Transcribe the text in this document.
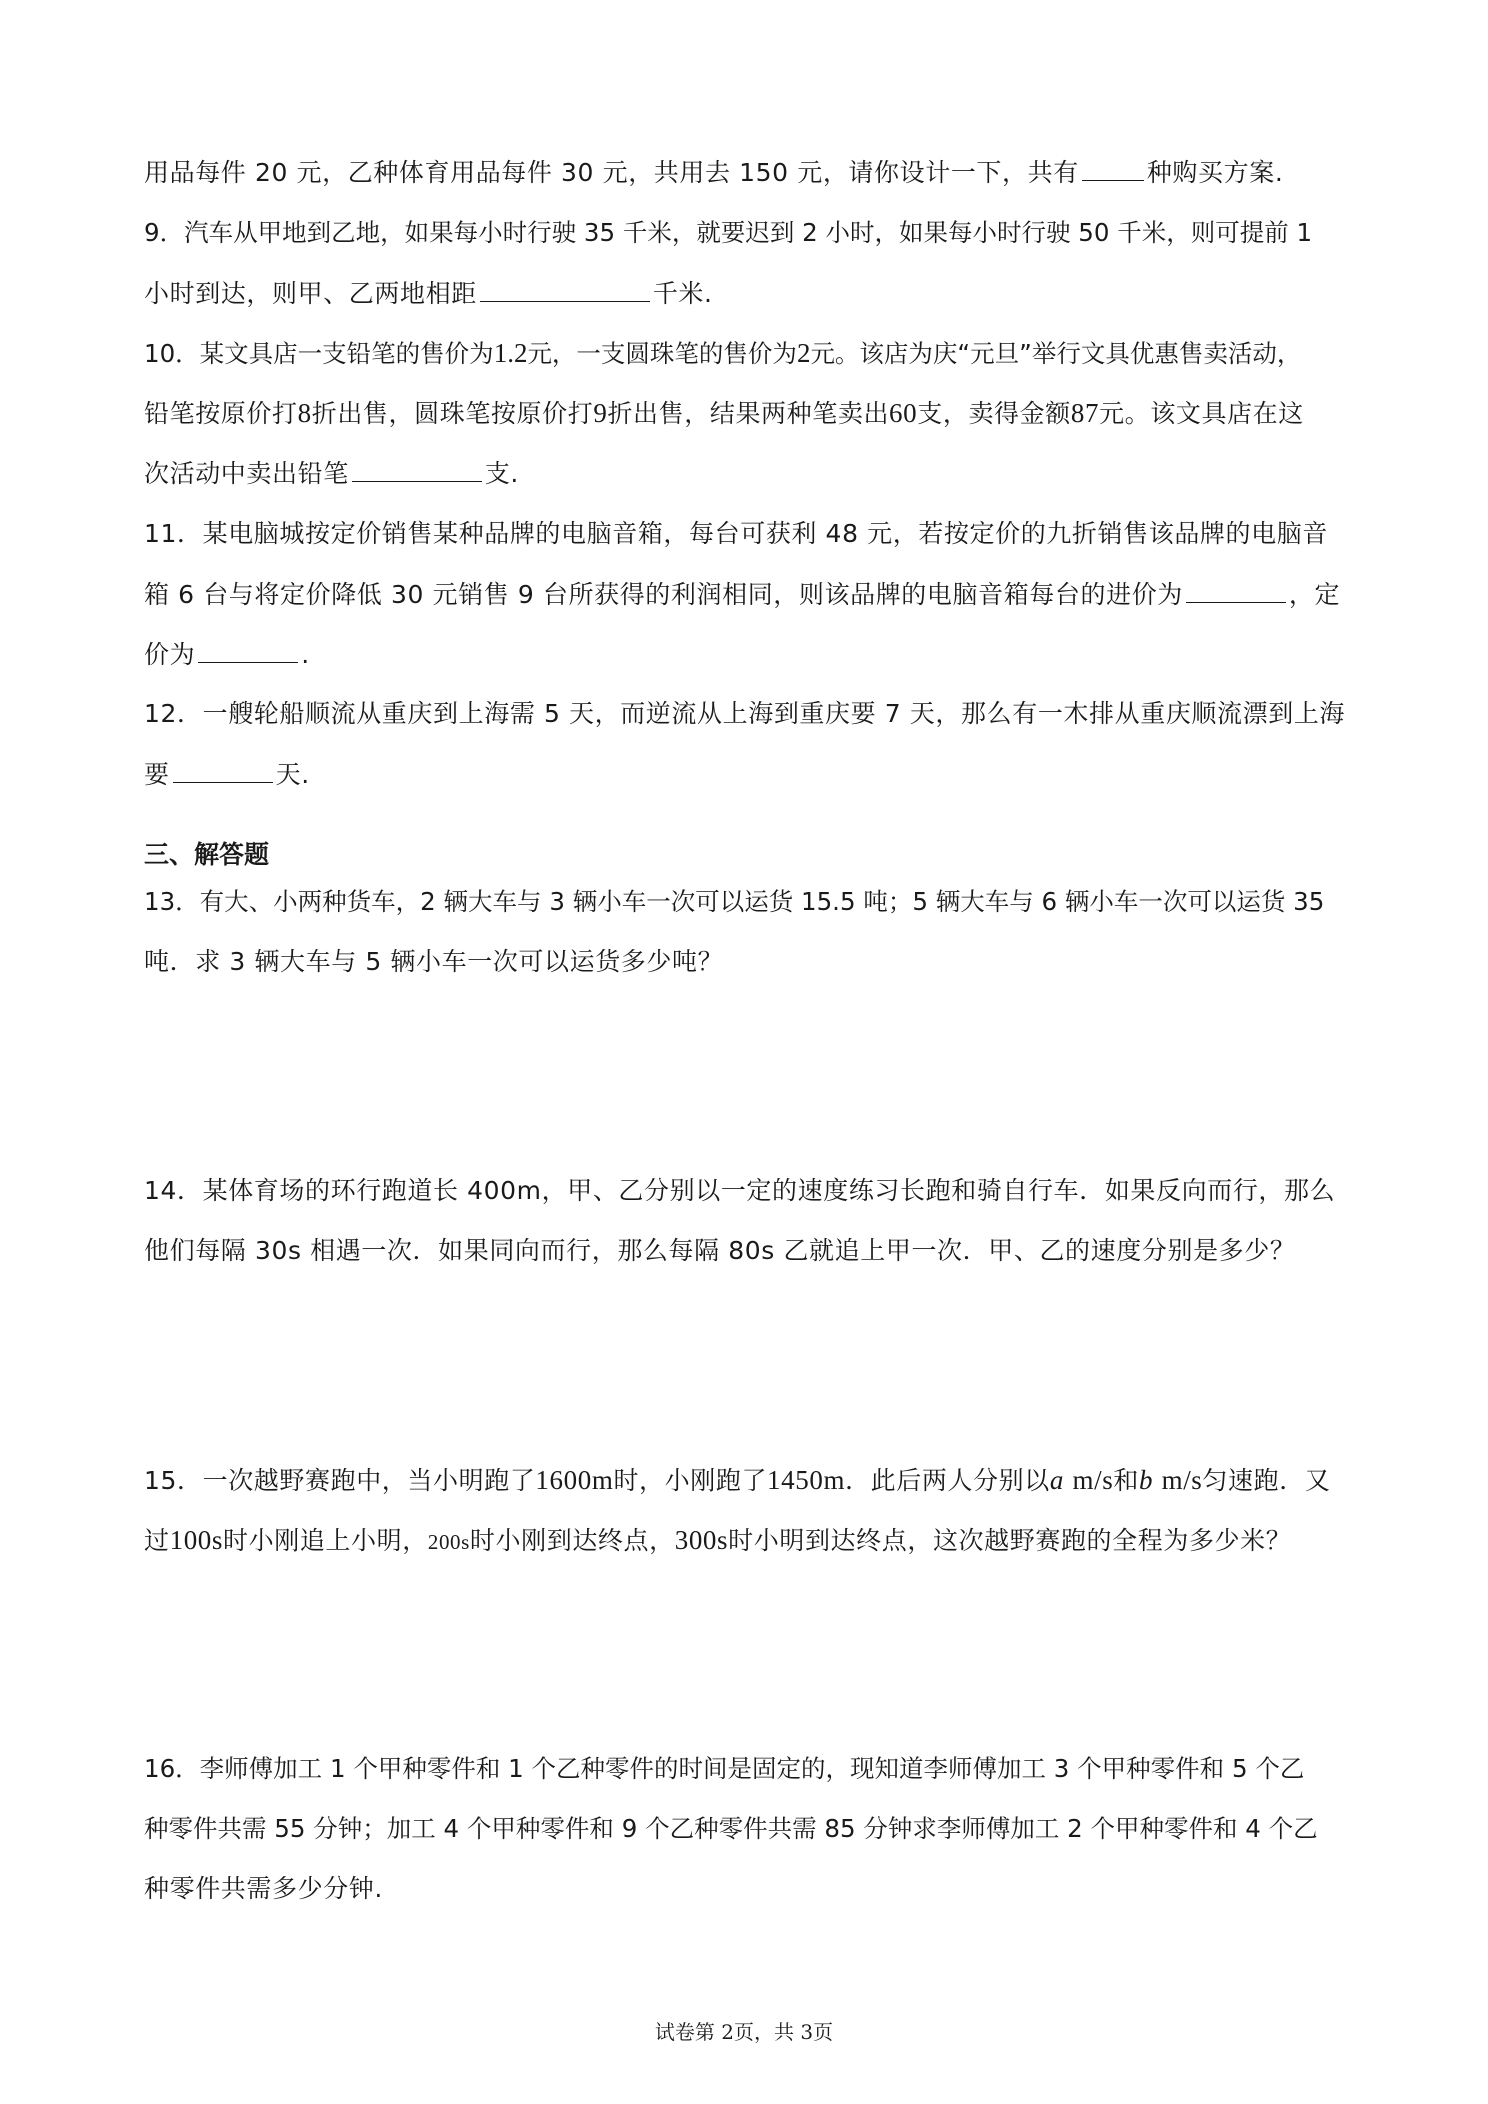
用品每件 20 元，乙种体育用品每件 30 元，共用去 150 元，请你设计一下，共有	种购买方案.
9．汽车从甲地到乙地，如果每小时行驶 35 千米，就要迟到 2 小时，如果每小时行驶 50 千米，则可提前 1
小时到达，则甲、乙两地相距	千米.
10．某文具店一支铅笔的售价为1.2元，一支圆珠笔的售价为2元。该店为庆“元旦”举行文具优惠售卖活动，
铅笔按原价打8折出售，圆珠笔按原价打9折出售，结果两种笔卖出60支，卖得金额87元。该文具店在这
次活动中卖出铅笔	支.
11．某电脑城按定价销售某种品牌的电脑音箱，每台可获利 48 元，若按定价的九折销售该品牌的电脑音
箱 6 台与将定价降低 30 元销售 9 台所获得的利润相同，则该品牌的电脑音箱每台的进价为	，定
价为	.
12．一艘轮船顺流从重庆到上海需 5 天，而逆流从上海到重庆要 7 天，那么有一木排从重庆顺流漂到上海
要	天.
三、解答题
13．有大、小两种货车，2 辆大车与 3 辆小车一次可以运货 15.5 吨；5 辆大车与 6 辆小车一次可以运货 35
吨．求 3 辆大车与 5 辆小车一次可以运货多少吨？
14．某体育场的环行跑道长 400m，甲、乙分别以一定的速度练习长跑和骑自行车．如果反向而行，那么
他们每隔 30s 相遇一次．如果同向而行，那么每隔 80s 乙就追上甲一次．甲、乙的速度分别是多少？
15．一次越野赛跑中，当小明跑了1600m时，小刚跑了1450m．此后两人分别以a m/s和b m/s匀速跑．又
过100s时小刚追上小明，200s时小刚到达终点，300s时小明到达终点，这次越野赛跑的全程为多少米？
16．李师傅加工 1 个甲种零件和 1 个乙种零件的时间是固定的，现知道李师傅加工 3 个甲种零件和 5 个乙
种零件共需 55 分钟；加工 4 个甲种零件和 9 个乙种零件共需 85 分钟求李师傅加工 2 个甲种零件和 4 个乙
种零件共需多少分钟.
试卷第 2页，共 3页
